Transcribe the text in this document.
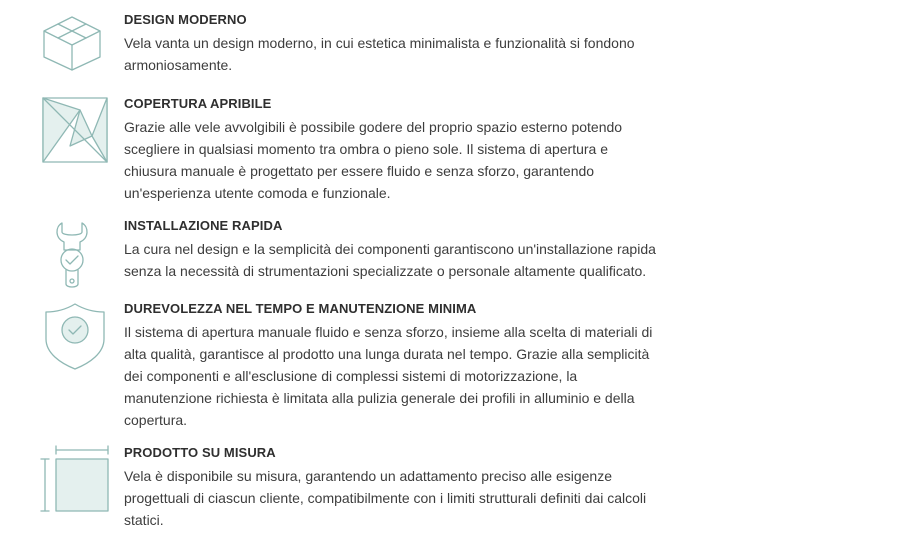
DESIGN MODERNO

Vela vanta un design moderno, in cui estetica minimalista e funzionalità si fondono
armoniosamente.

COPERTURA APRIBILE

Grazie alle vele avvolgibili è possibile godere del proprio spazio esterno potendo
scegliere in qualsiasi momento tra ombra o pieno sole. Il sistema di apertura e
chiusura manuale è progettato per essere fluido e senza sforzo, garantendo
un'esperienza utente comoda e funzionale.

INSTALLAZIONE RAPIDA

La cura nel design e la semplicità dei componenti garantiscono un'installazione rapida
senza la necessità di strumentazioni specializzate o personale altamente qualificato.

DUREVOLEZZA NEL TEMPO E MANUTENZIONE MINIMA

Il sistema di apertura manuale fluido e senza sforzo, insieme alla scelta di materiali di
alta qualità, garantisce al prodotto una lunga durata nel tempo. Grazie alla semplicità
dei componenti e all'esclusione di complessi sistemi di motorizzazione, la
manutenzione richiesta è limitata alla pulizia generale dei profili in alluminio e della
copertura.

PRODOTTO SU MISURA

Vela è disponibile su misura, garantendo un adattamento preciso alle esigenze
progettuali di ciascun cliente, compatibilmente con i limiti strutturali definiti dai calcoli
statici.
